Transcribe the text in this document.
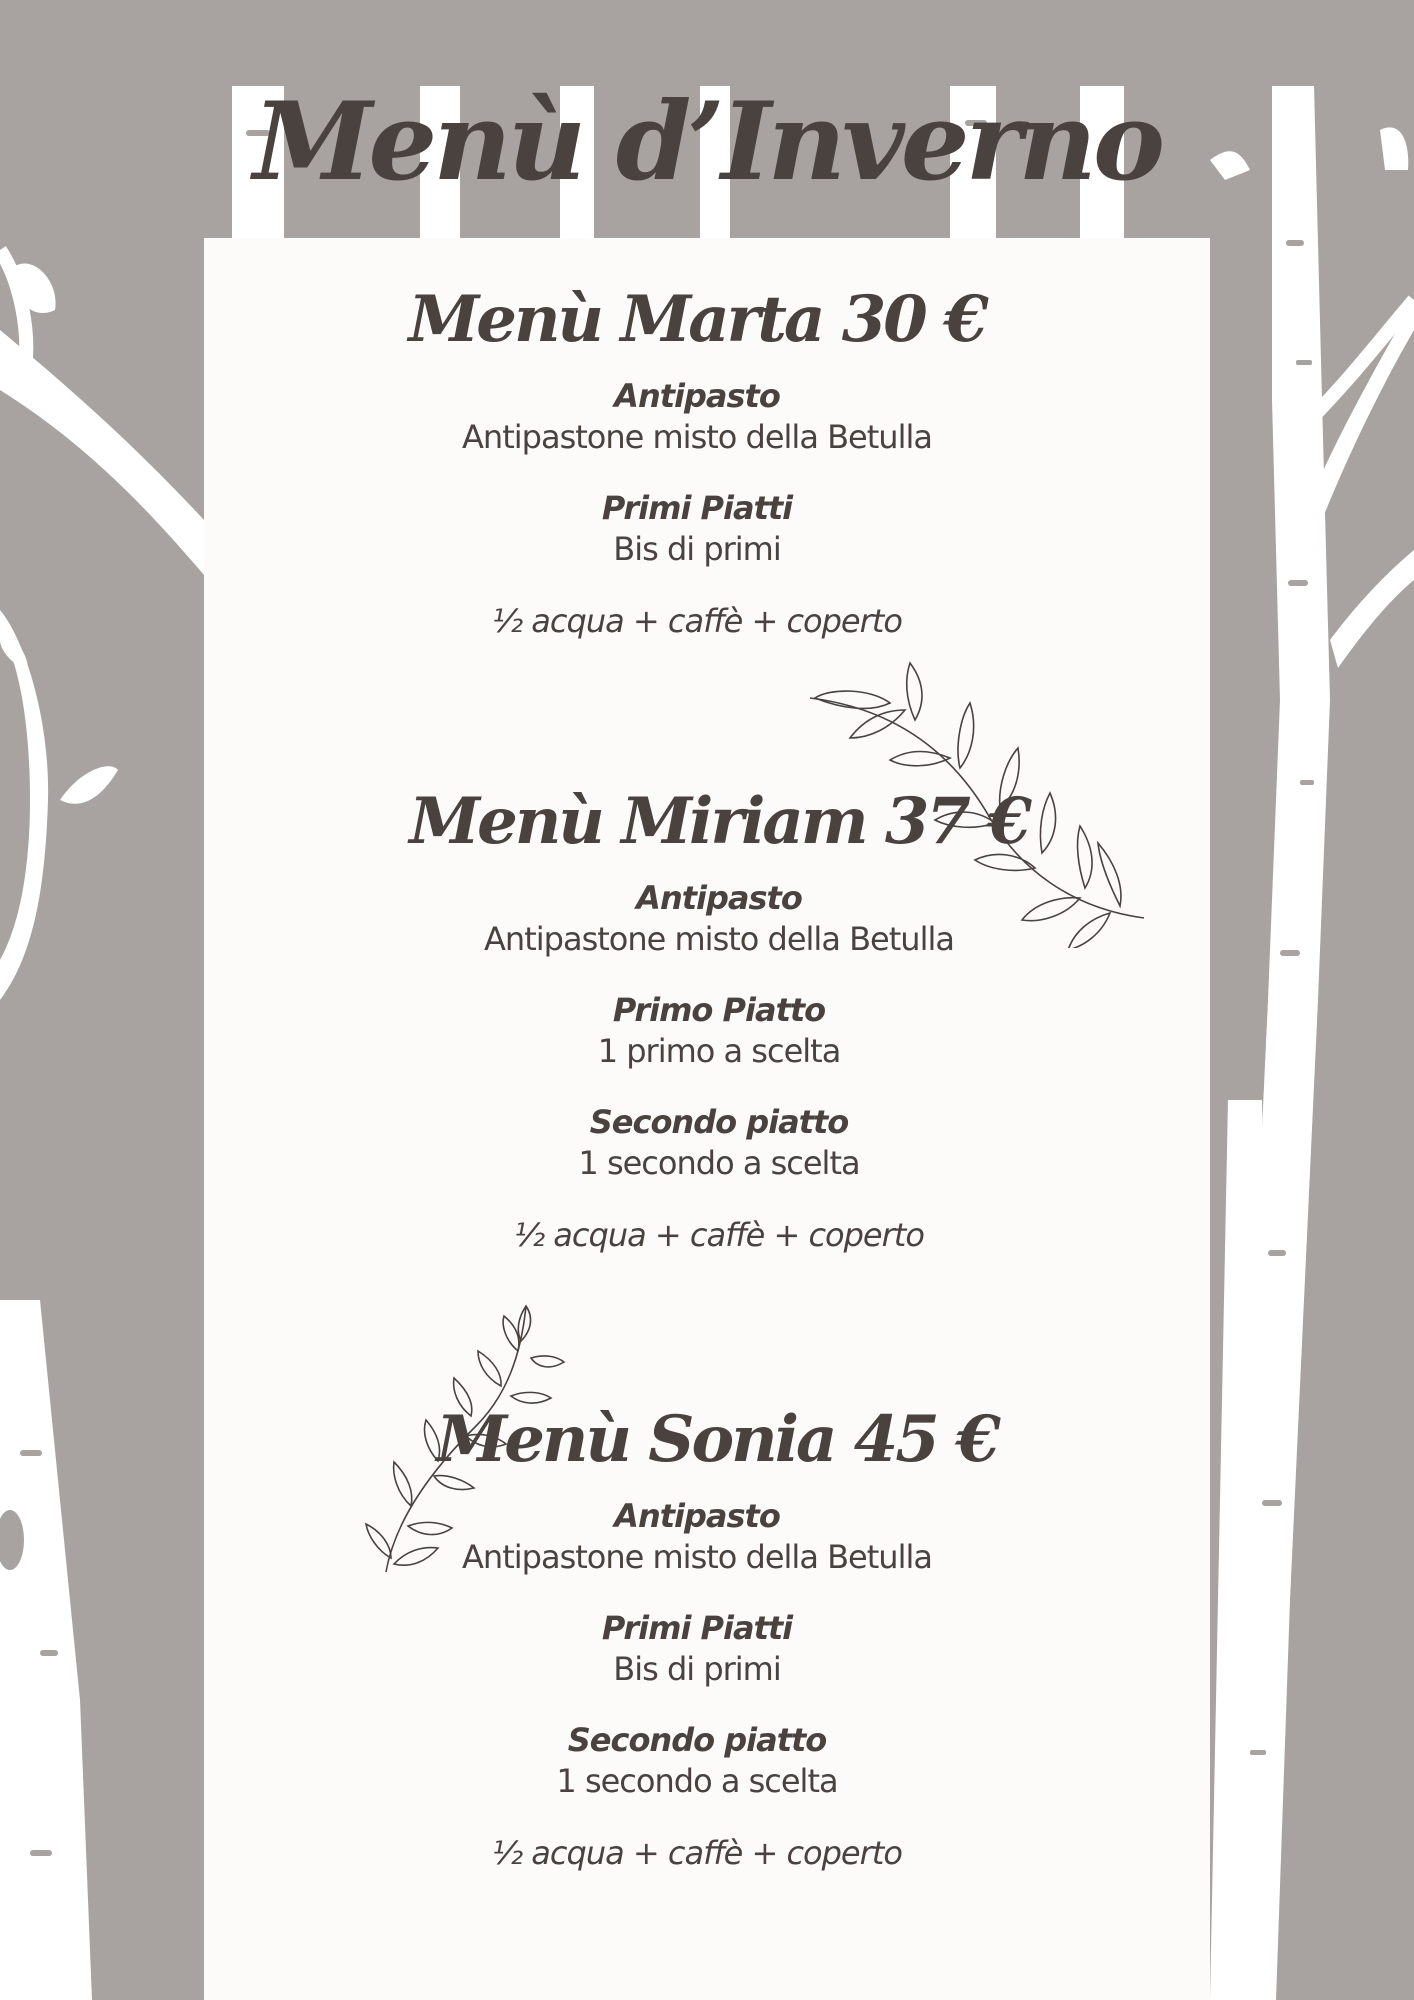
Menù d’Inverno
Menù Marta 30 €
Antipasto
Antipastone misto della Betulla
Primi Piatti
Bis di primi
½ acqua + caffè + coperto
Menù Miriam 37 €
Antipasto
Antipastone misto della Betulla
Primo Piatto
1 primo a scelta
Secondo piatto
1 secondo a scelta
½ acqua + caffè + coperto
Menù Sonia 45 €
Antipasto
Antipastone misto della Betulla
Primi Piatti
Bis di primi
Secondo piatto
1 secondo a scelta
½ acqua + caffè + coperto
